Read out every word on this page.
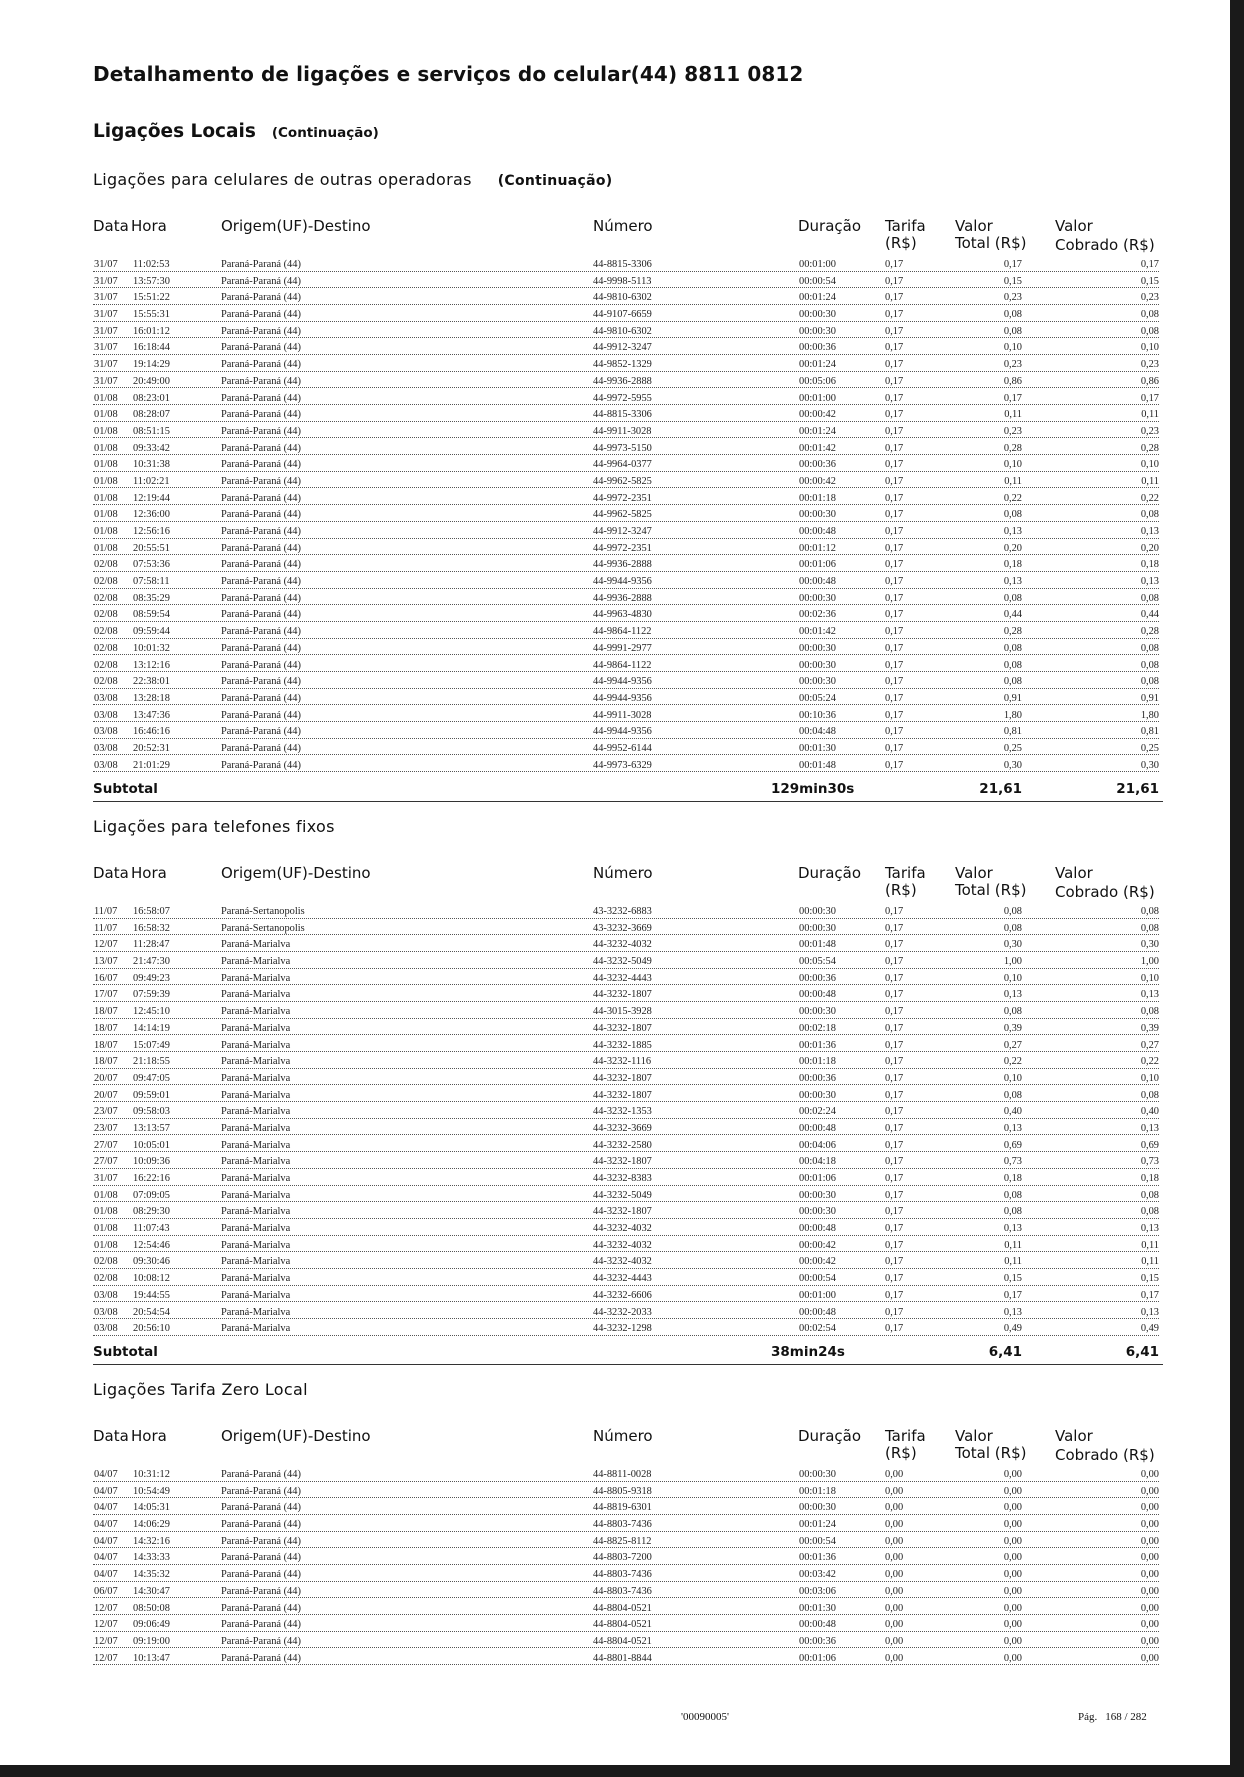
Detalhamento de ligações e serviços do celular(44) 8811 0812
Ligações Locais (Continuação)
Ligações para celulares de outras operadoras (Continuação)
Data Hora	Origem(UF)-Destino	Número	Duração Tarifa
(R$)
Valor
Total (R$)
Valor
Cobrado (R$)
31/07 11:02:53	Paraná-Paraná (44)	44-8815-3306	00:01:00	0,17	0,17	0,17
31/07 13:57:30	Paraná-Paraná (44)	44-9998-5113	00:00:54	0,17	0,15	0,15
31/07 15:51:22	Paraná-Paraná (44)	44-9810-6302	00:01:24	0,17	0,23	0,23
31/07 15:55:31	Paraná-Paraná (44)	44-9107-6659	00:00:30	0,17	0,08	0,08
31/07 16:01:12	Paraná-Paraná (44)	44-9810-6302	00:00:30	0,17	0,08	0,08
31/07 16:18:44	Paraná-Paraná (44)	44-9912-3247	00:00:36	0,17	0,10	0,10
31/07 19:14:29	Paraná-Paraná (44)	44-9852-1329	00:01:24	0,17	0,23	0,23
31/07 20:49:00	Paraná-Paraná (44)	44-9936-2888	00:05:06	0,17	0,86	0,86
01/08 08:23:01	Paraná-Paraná (44)	44-9972-5955	00:01:00	0,17	0,17	0,17
01/08 08:28:07	Paraná-Paraná (44)	44-8815-3306	00:00:42	0,17	0,11	0,11
01/08 08:51:15	Paraná-Paraná (44)	44-9911-3028	00:01:24	0,17	0,23	0,23
01/08 09:33:42	Paraná-Paraná (44)	44-9973-5150	00:01:42	0,17	0,28	0,28
01/08 10:31:38	Paraná-Paraná (44)	44-9964-0377	00:00:36	0,17	0,10	0,10
01/08 11:02:21	Paraná-Paraná (44)	44-9962-5825	00:00:42	0,17	0,11	0,11
01/08 12:19:44	Paraná-Paraná (44)	44-9972-2351	00:01:18	0,17	0,22	0,22
01/08 12:36:00	Paraná-Paraná (44)	44-9962-5825	00:00:30	0,17	0,08	0,08
01/08 12:56:16	Paraná-Paraná (44)	44-9912-3247	00:00:48	0,17	0,13	0,13
01/08 20:55:51	Paraná-Paraná (44)	44-9972-2351	00:01:12	0,17	0,20	0,20
02/08 07:53:36	Paraná-Paraná (44)	44-9936-2888	00:01:06	0,17	0,18	0,18
02/08 07:58:11	Paraná-Paraná (44)	44-9944-9356	00:00:48	0,17	0,13	0,13
02/08 08:35:29	Paraná-Paraná (44)	44-9936-2888	00:00:30	0,17	0,08	0,08
02/08 08:59:54	Paraná-Paraná (44)	44-9963-4830	00:02:36	0,17	0,44	0,44
02/08 09:59:44	Paraná-Paraná (44)	44-9864-1122	00:01:42	0,17	0,28	0,28
02/08 10:01:32	Paraná-Paraná (44)	44-9991-2977	00:00:30	0,17	0,08	0,08
02/08 13:12:16	Paraná-Paraná (44)	44-9864-1122	00:00:30	0,17	0,08	0,08
02/08 22:38:01	Paraná-Paraná (44)	44-9944-9356	00:00:30	0,17	0,08	0,08
03/08 13:28:18	Paraná-Paraná (44)	44-9944-9356	00:05:24	0,17	0,91	0,91
03/08 13:47:36	Paraná-Paraná (44)	44-9911-3028	00:10:36	0,17	1,80	1,80
03/08 16:46:16	Paraná-Paraná (44)	44-9944-9356	00:04:48	0,17	0,81	0,81
03/08 20:52:31	Paraná-Paraná (44)	44-9952-6144	00:01:30	0,17	0,25	0,25
03/08 21:01:29	Paraná-Paraná (44)	44-9973-6329	00:01:48	0,17	0,30	0,30
Subtotal	129min30s	21,61	21,61
Ligações para telefones fixos
Data Hora	Origem(UF)-Destino	Número	Duração Tarifa
(R$)
Valor
Total (R$)
Valor
Cobrado (R$)
11/07 16:58:07	Paraná-Sertanopolis	43-3232-6883	00:00:30	0,17	0,08	0,08
11/07 16:58:32	Paraná-Sertanopolis	43-3232-3669	00:00:30	0,17	0,08	0,08
12/07 11:28:47	Paraná-Marialva	44-3232-4032	00:01:48	0,17	0,30	0,30
13/07 21:47:30	Paraná-Marialva	44-3232-5049	00:05:54	0,17	1,00	1,00
16/07 09:49:23	Paraná-Marialva	44-3232-4443	00:00:36	0,17	0,10	0,10
17/07 07:59:39	Paraná-Marialva	44-3232-1807	00:00:48	0,17	0,13	0,13
18/07 12:45:10	Paraná-Marialva	44-3015-3928	00:00:30	0,17	0,08	0,08
18/07 14:14:19	Paraná-Marialva	44-3232-1807	00:02:18	0,17	0,39	0,39
18/07 15:07:49	Paraná-Marialva	44-3232-1885	00:01:36	0,17	0,27	0,27
18/07 21:18:55	Paraná-Marialva	44-3232-1116	00:01:18	0,17	0,22	0,22
20/07 09:47:05	Paraná-Marialva	44-3232-1807	00:00:36	0,17	0,10	0,10
20/07 09:59:01	Paraná-Marialva	44-3232-1807	00:00:30	0,17	0,08	0,08
23/07 09:58:03	Paraná-Marialva	44-3232-1353	00:02:24	0,17	0,40	0,40
23/07 13:13:57	Paraná-Marialva	44-3232-3669	00:00:48	0,17	0,13	0,13
27/07 10:05:01	Paraná-Marialva	44-3232-2580	00:04:06	0,17	0,69	0,69
27/07 10:09:36	Paraná-Marialva	44-3232-1807	00:04:18	0,17	0,73	0,73
31/07 16:22:16	Paraná-Marialva	44-3232-8383	00:01:06	0,17	0,18	0,18
01/08 07:09:05	Paraná-Marialva	44-3232-5049	00:00:30	0,17	0,08	0,08
01/08 08:29:30	Paraná-Marialva	44-3232-1807	00:00:30	0,17	0,08	0,08
01/08 11:07:43	Paraná-Marialva	44-3232-4032	00:00:48	0,17	0,13	0,13
01/08 12:54:46	Paraná-Marialva	44-3232-4032	00:00:42	0,17	0,11	0,11
02/08 09:30:46	Paraná-Marialva	44-3232-4032	00:00:42	0,17	0,11	0,11
02/08 10:08:12	Paraná-Marialva	44-3232-4443	00:00:54	0,17	0,15	0,15
03/08 19:44:55	Paraná-Marialva	44-3232-6606	00:01:00	0,17	0,17	0,17
03/08 20:54:54	Paraná-Marialva	44-3232-2033	00:00:48	0,17	0,13	0,13
03/08 20:56:10	Paraná-Marialva	44-3232-1298	00:02:54	0,17	0,49	0,49
Subtotal	38min24s	6,41	6,41
Ligações Tarifa Zero Local
Data Hora	Origem(UF)-Destino	Número	Duração Tarifa
(R$)
Valor
Total (R$)
Valor
Cobrado (R$)
04/07 10:31:12	Paraná-Paraná (44)	44-8811-0028	00:00:30	0,00	0,00	0,00
04/07 10:54:49	Paraná-Paraná (44)	44-8805-9318	00:01:18	0,00	0,00	0,00
04/07 14:05:31	Paraná-Paraná (44)	44-8819-6301	00:00:30	0,00	0,00	0,00
04/07 14:06:29	Paraná-Paraná (44)	44-8803-7436	00:01:24	0,00	0,00	0,00
04/07 14:32:16	Paraná-Paraná (44)	44-8825-8112	00:00:54	0,00	0,00	0,00
04/07 14:33:33	Paraná-Paraná (44)	44-8803-7200	00:01:36	0,00	0,00	0,00
04/07 14:35:32	Paraná-Paraná (44)	44-8803-7436	00:03:42	0,00	0,00	0,00
06/07 14:30:47	Paraná-Paraná (44)	44-8803-7436	00:03:06	0,00	0,00	0,00
12/07 08:50:08	Paraná-Paraná (44)	44-8804-0521	00:01:30	0,00	0,00	0,00
12/07 09:06:49	Paraná-Paraná (44)	44-8804-0521	00:00:48	0,00	0,00	0,00
12/07 09:19:00	Paraná-Paraná (44)	44-8804-0521	00:00:36	0,00	0,00	0,00
12/07 10:13:47	Paraná-Paraná (44)	44-8801-8844	00:01:06	0,00	0,00	0,00
'00090005'	Pág. 168 / 282
